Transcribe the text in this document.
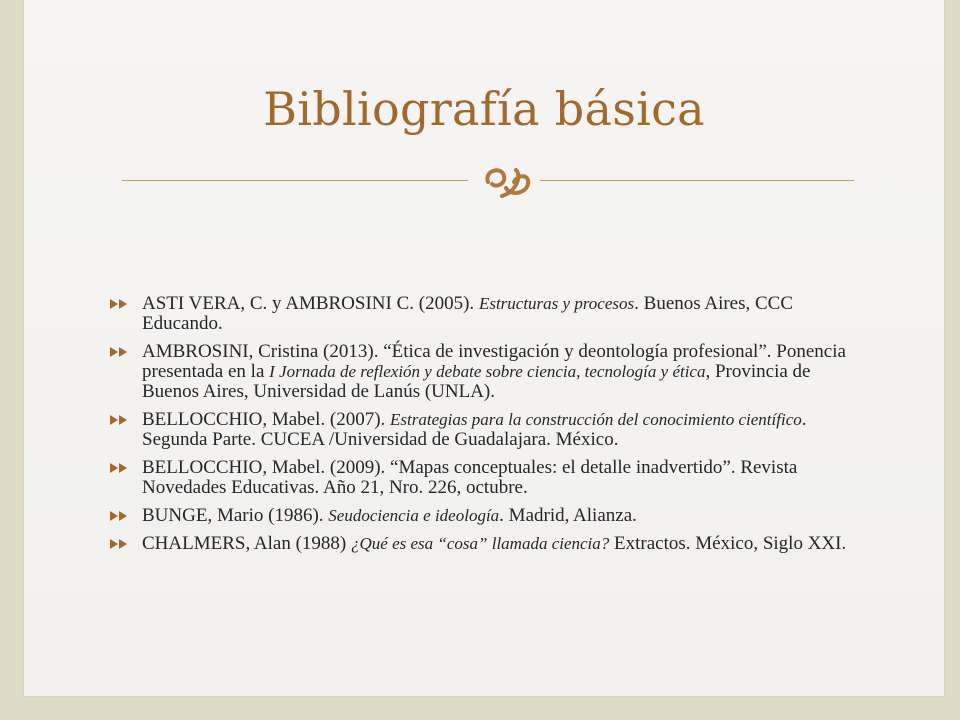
Bibliografía básica
ASTI VERA, C. y AMBROSINI C. (2005). Estructuras y procesos. Buenos Aires, CCC Educando.
AMBROSINI, Cristina (2013). “Ética de investigación y deontología profesional”. Ponencia presentada en la I Jornada de reflexión y debate sobre ciencia, tecnología y ética, Provincia de Buenos Aires, Universidad de Lanús (UNLA).
BELLOCCHIO, Mabel. (2007). Estrategias para la construcción del conocimiento científico. Segunda Parte. CUCEA /Universidad de Guadalajara. México.
BELLOCCHIO, Mabel. (2009). “Mapas conceptuales: el detalle inadvertido”. Revista Novedades Educativas. Año 21, Nro. 226, octubre.
BUNGE, Mario (1986). Seudociencia e ideología. Madrid, Alianza.
CHALMERS, Alan (1988) ¿Qué es esa “cosa” llamada ciencia? Extractos. México, Siglo XXI.
